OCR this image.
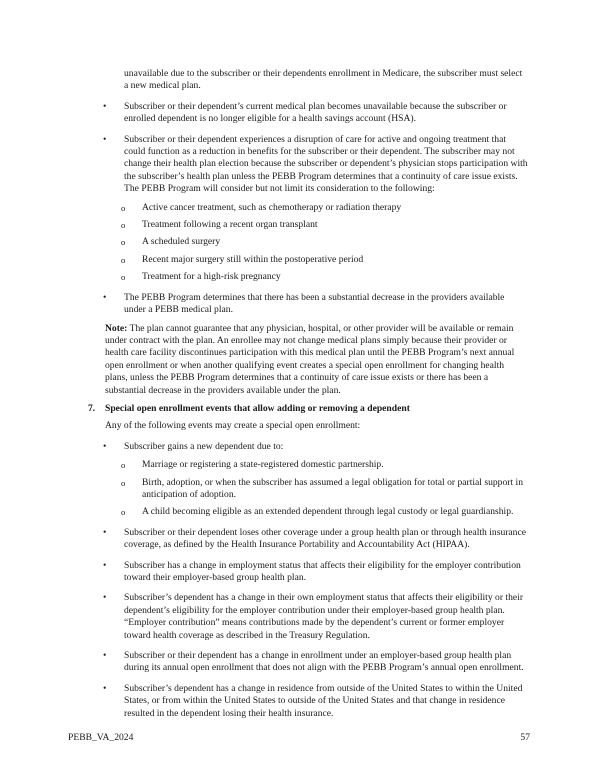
unavailable due to the subscriber or their dependents enrollment in Medicare, the subscriber must select a new medical plan.

• Subscriber or their dependent’s current medical plan becomes unavailable because the subscriber or enrolled dependent is no longer eligible for a health savings account (HSA).

• Subscriber or their dependent experiences a disruption of care for active and ongoing treatment that could function as a reduction in benefits for the subscriber or their dependent. The subscriber may not change their health plan election because the subscriber or dependent’s physician stops participation with the subscriber’s health plan unless the PEBB Program determines that a continuity of care issue exists. The PEBB Program will consider but not limit its consideration to the following:

o Active cancer treatment, such as chemotherapy or radiation therapy

o Treatment following a recent organ transplant

o A scheduled surgery

o Recent major surgery still within the postoperative period

o Treatment for a high-risk pregnancy

• The PEBB Program determines that there has been a substantial decrease in the providers available under a PEBB medical plan.

Note: The plan cannot guarantee that any physician, hospital, or other provider will be available or remain under contract with the plan. An enrollee may not change medical plans simply because their provider or health care facility discontinues participation with this medical plan until the PEBB Program’s next annual open enrollment or when another qualifying event creates a special open enrollment for changing health plans, unless the PEBB Program determines that a continuity of care issue exists or there has been a substantial decrease in the providers available under the plan.

7. Special open enrollment events that allow adding or removing a dependent

Any of the following events may create a special open enrollment:

• Subscriber gains a new dependent due to:

o Marriage or registering a state-registered domestic partnership.

o Birth, adoption, or when the subscriber has assumed a legal obligation for total or partial support in anticipation of adoption.

o A child becoming eligible as an extended dependent through legal custody or legal guardianship.

• Subscriber or their dependent loses other coverage under a group health plan or through health insurance coverage, as defined by the Health Insurance Portability and Accountability Act (HIPAA).

• Subscriber has a change in employment status that affects their eligibility for the employer contribution toward their employer-based group health plan.

• Subscriber’s dependent has a change in their own employment status that affects their eligibility or their dependent’s eligibility for the employer contribution under their employer-based group health plan. “Employer contribution” means contributions made by the dependent’s current or former employer toward health coverage as described in the Treasury Regulation.

• Subscriber or their dependent has a change in enrollment under an employer-based group health plan during its annual open enrollment that does not align with the PEBB Program’s annual open enrollment.

• Subscriber’s dependent has a change in residence from outside of the United States to within the United States, or from within the United States to outside of the United States and that change in residence resulted in the dependent losing their health insurance.

PEBB_VA_2024	57
